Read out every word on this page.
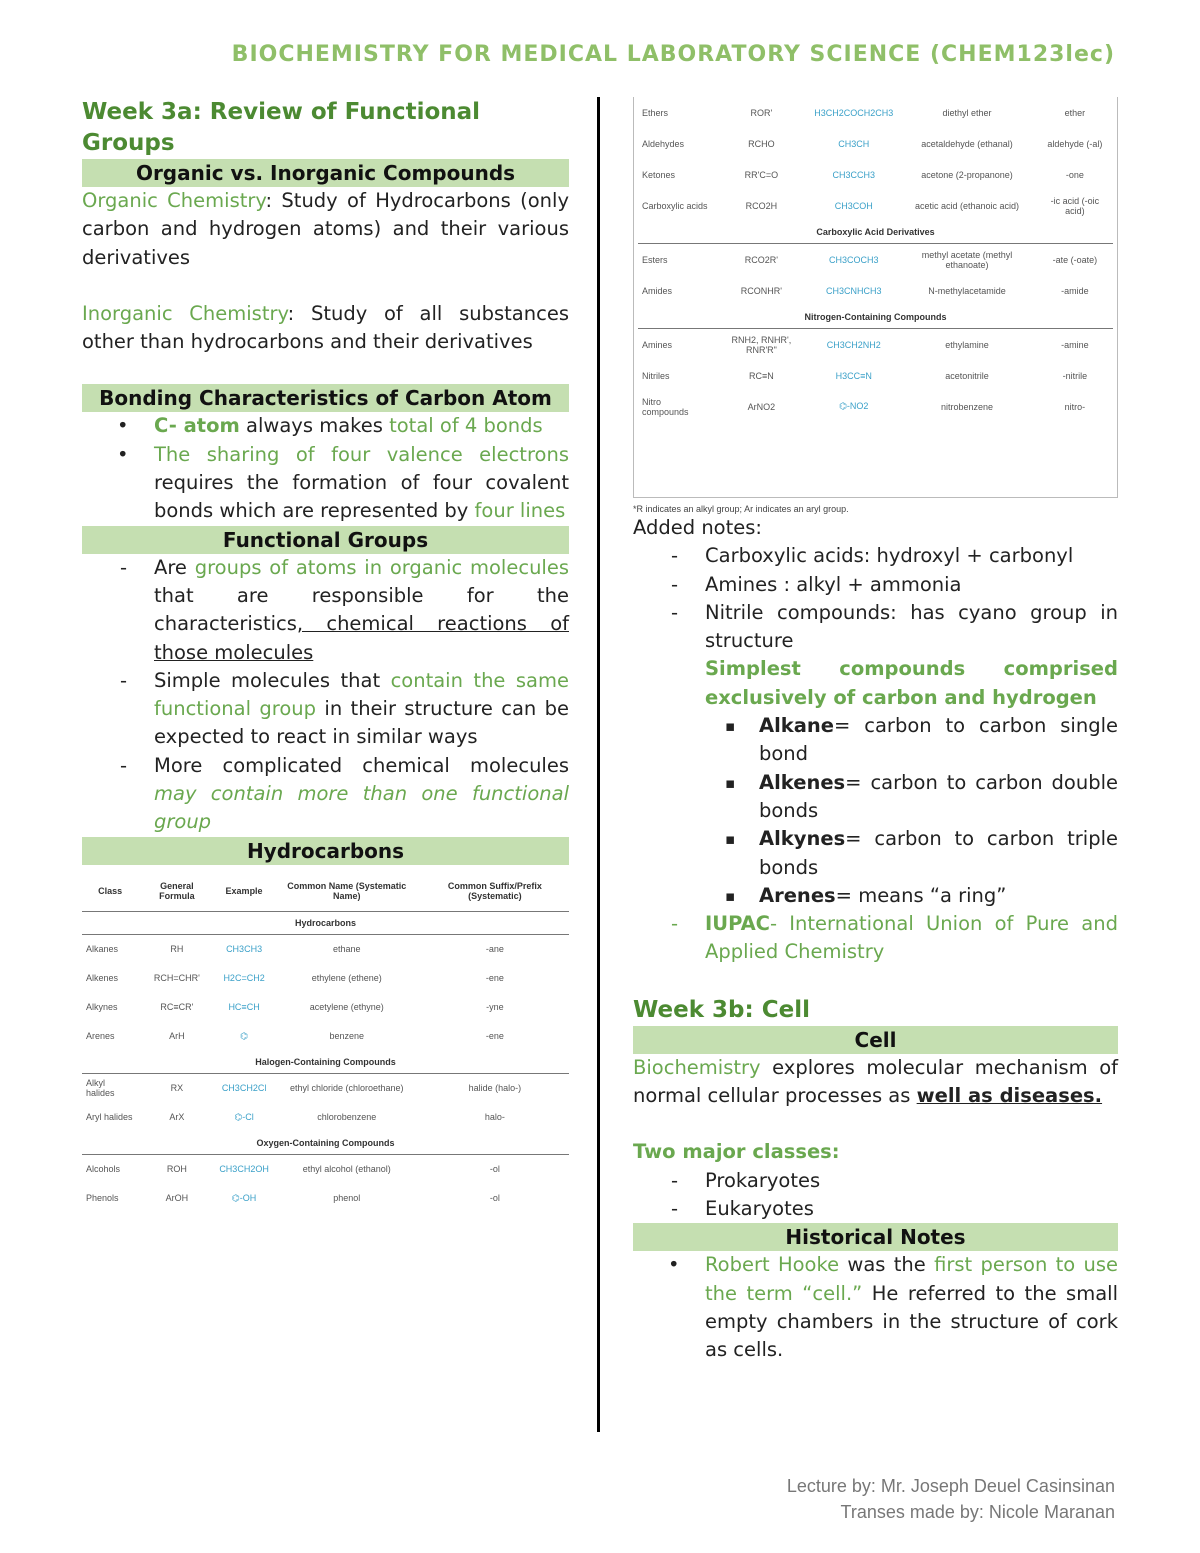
BIOCHEMISTRY FOR MEDICAL LABORATORY SCIENCE (CHEM123lec)
Week 3a: Review of Functional Groups
Organic vs. Inorganic Compounds

Organic Chemistry: Study of Hydrocarbons (only carbon and hydrogen atoms) and their various derivatives

Inorganic Chemistry: Study of all substances other than hydrocarbons and their derivatives

Bonding Characteristics of Carbon Atom
• C- atom always makes total of 4 bonds
• The sharing of four valence electrons requires the formation of four covalent bonds which are represented by four lines
Functional Groups
- Are groups of atoms in organic molecules that are responsible for the characteristics, chemical reactions of those molecules
- Simple molecules that contain the same functional group in their structure can be expected to react in similar ways
- More complicated chemical molecules may contain more than one functional group
Hydrocarbons
Class	General Formula	Example	Common Name (Systematic Name)	Common Suffix/Prefix (Systematic)
Hydrocarbons				
Alkanes	RH	CH3CH3	ethane	-ane
Alkenes	RCH=CHR'	H2C=CH2	ethylene (ethene)	-ene
Alkynes	RC≡CR'	HC≡CH	acetylene (ethyne)	-yne
Arenes	ArH	⌬	benzene	-ene
Halogen-Containing Compounds				
Alkyl halides	RX	CH3CH2Cl	ethyl chloride (chloroethane)	halide (halo-)
Aryl halides	ArX	⌬-Cl	chlorobenzene	halo-
Oxygen-Containing Compounds				
Alcohols	ROH	CH3CH2OH	ethyl alcohol (ethanol)	-ol
Phenols	ArOH	⌬-OH	phenol	-ol
Ethers	ROR'	H3CH2COCH2CH3	diethyl ether	ether
Aldehydes	RCHO	CH3CH	acetaldehyde (ethanal)	aldehyde (-al)
Ketones	RR'C=O	CH3CCH3	acetone (2-propanone)	-one
Carboxylic acids	RCO2H	CH3COH	acetic acid (ethanoic acid)	-ic acid (-oic acid)
Carboxylic Acid Derivatives				
Esters	RCO2R'	CH3COCH3	methyl acetate (methyl ethanoate)	-ate (-oate)
Amides	RCONHR'	CH3CNHCH3	N-methylacetamide	-amide
Nitrogen-Containing Compounds				
Amines	RNH2, RNHR', RNR'R"	CH3CH2NH2	ethylamine	-amine
Nitriles	RC≡N	H3CC≡N	acetonitrile	-nitrile
Nitro compounds	ArNO2	⌬-NO2	nitrobenzene	nitro-
*R indicates an alkyl group; Ar indicates an aryl group.

Added notes:

- Carboxylic acids: hydroxyl + carbonyl
- Amines : alkyl + ammonia
- Nitrile compounds: has cyano group in structure

Simplest compounds comprised exclusively of carbon and hydrogen

▪ Alkane= carbon to carbon single bond
▪ Alkenes= carbon to carbon double bonds
▪ Alkynes= carbon to carbon triple bonds
▪ Arenes= means “a ring”
- IUPAC- International Union of Pure and Applied Chemistry
Week 3b: Cell
Cell

Biochemistry explores molecular mechanism of normal cellular processes as well as diseases.

Two major classes:

- Prokaryotes
- Eukaryotes
Historical Notes
• Robert Hooke was the first person to use the term “cell.” He referred to the small empty chambers in the structure of cork as cells.
Lecture by: Mr. Joseph Deuel Casinsinan
Transes made by: Nicole Maranan
